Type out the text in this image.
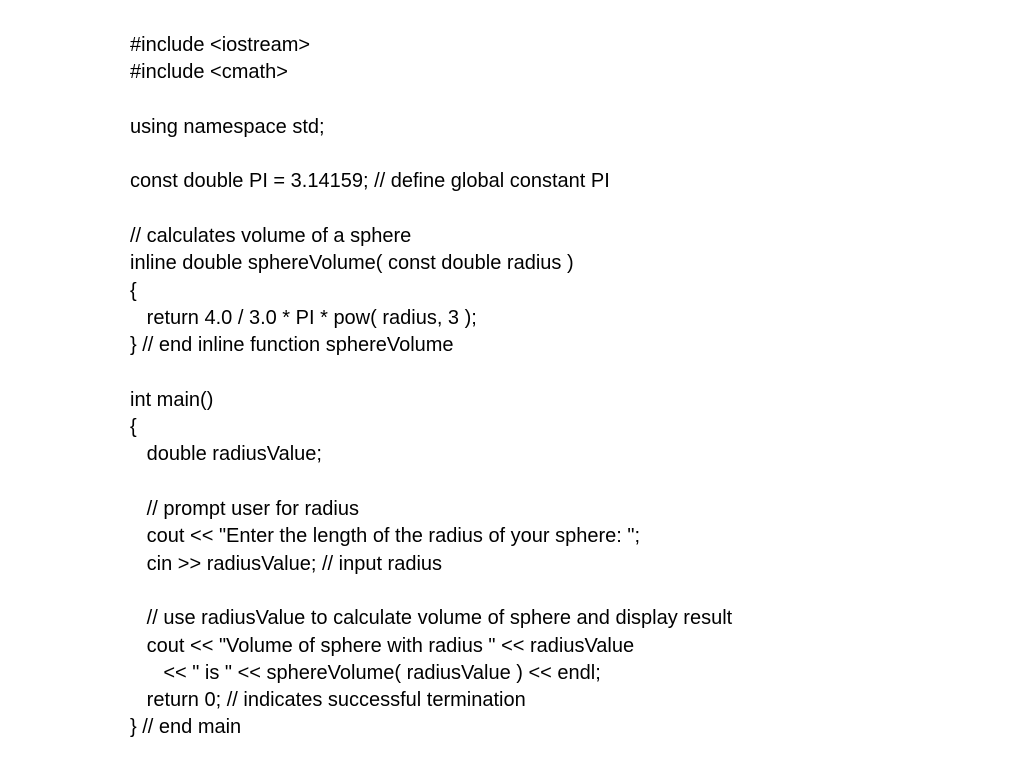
#include <iostream>
#include <cmath>
using namespace std;
const double PI = 3.14159; // define global constant PI
// calculates volume of a sphere
inline double sphereVolume( const double radius )
{
return 4.0 / 3.0 * PI * pow( radius, 3 );
} // end inline function sphereVolume
int main()
{
double radiusValue;
// prompt user for radius
cout << "Enter the length of the radius of your sphere: ";
cin >> radiusValue; // input radius
// use radiusValue to calculate volume of sphere and display result
cout << "Volume of sphere with radius " << radiusValue
<< " is " << sphereVolume( radiusValue ) << endl;
return 0; // indicates successful termination
} // end main
